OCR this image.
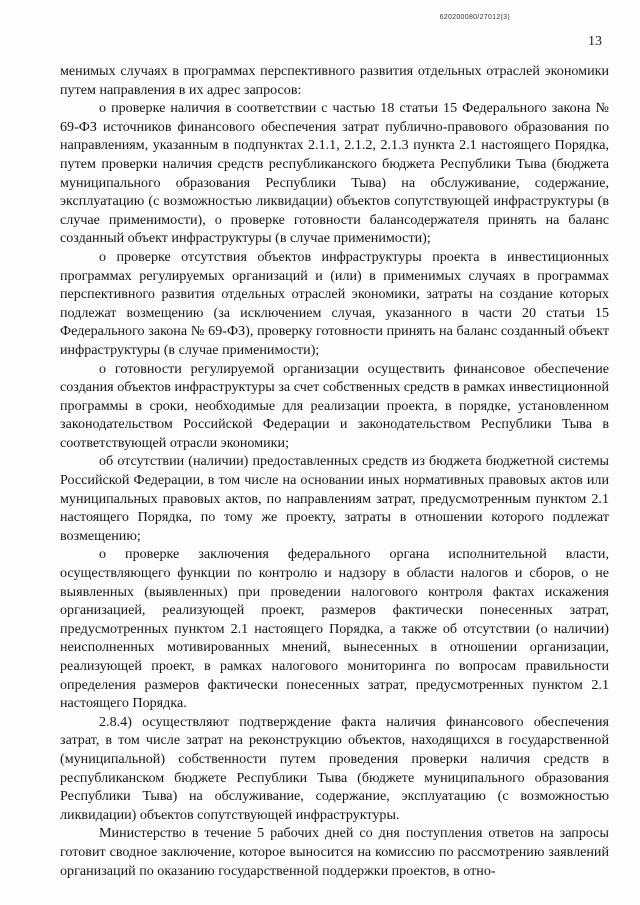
620200080/27012(3)
13

менимых случаях в программах перспективного развития отдельных отраслей экономики путем направления в их адрес запросов:

о проверке наличия в соответствии с частью 18 статьи 15 Федерального закона № 69-ФЗ источников финансового обеспечения затрат публично-правового образования по направлениям, указанным в подпунктах 2.1.1, 2.1.2, 2.1.3 пункта 2.1 настоящего Порядка, путем проверки наличия средств республиканского бюджета Республики Тыва (бюджета муниципального образования Республики Тыва) на обслуживание, содержание, эксплуатацию (с возможностью ликвидации) объектов сопутствующей инфраструктуры (в случае применимости), о проверке готовности балансодержателя принять на баланс созданный объект инфраструктуры (в случае применимости);

о проверке отсутствия объектов инфраструктуры проекта в инвестиционных программах регулируемых организаций и (или) в применимых случаях в программах перспективного развития отдельных отраслей экономики, затраты на создание которых подлежат возмещению (за исключением случая, указанного в части 20 статьи 15 Федерального закона № 69-ФЗ), проверку готовности принять на баланс созданный объект инфраструктуры (в случае применимости);

о готовности регулируемой организации осуществить финансовое обеспечение создания объектов инфраструктуры за счет собственных средств в рамках инвестиционной программы в сроки, необходимые для реализации проекта, в порядке, установленном законодательством Российской Федерации и законодательством Республики Тыва в соответствующей отрасли экономики;

об отсутствии (наличии) предоставленных средств из бюджета бюджетной системы Российской Федерации, в том числе на основании иных нормативных правовых актов или муниципальных правовых актов, по направлениям затрат, предусмотренным пунктом 2.1 настоящего Порядка, по тому же проекту, затраты в отношении которого подлежат возмещению;

о проверке заключения федерального органа исполнительной власти, осуществляющего функции по контролю и надзору в области налогов и сборов, о не выявленных (выявленных) при проведении налогового контроля фактах искажения организацией, реализующей проект, размеров фактически понесенных затрат, предусмотренных пунктом 2.1 настоящего Порядка, а также об отсутствии (о наличии) неисполненных мотивированных мнений, вынесенных в отношении организации, реализующей проект, в рамках налогового мониторинга по вопросам правильности определения размеров фактически понесенных затрат, предусмотренных пунктом 2.1 настоящего Порядка.

2.8.4) осуществляют подтверждение факта наличия финансового обеспечения затрат, в том числе затрат на реконструкцию объектов, находящихся в государственной (муниципальной) собственности путем проведения проверки наличия средств в республиканском бюджете Республики Тыва (бюджете муниципального образования Республики Тыва) на обслуживание, содержание, эксплуатацию (с возможностью ликвидации) объектов сопутствующей инфраструктуры.

Министерство в течение 5 рабочих дней со дня поступления ответов на запросы готовит сводное заключение, которое выносится на комиссию по рассмотрению заявлений организаций по оказанию государственной поддержки проектов, в отно-
